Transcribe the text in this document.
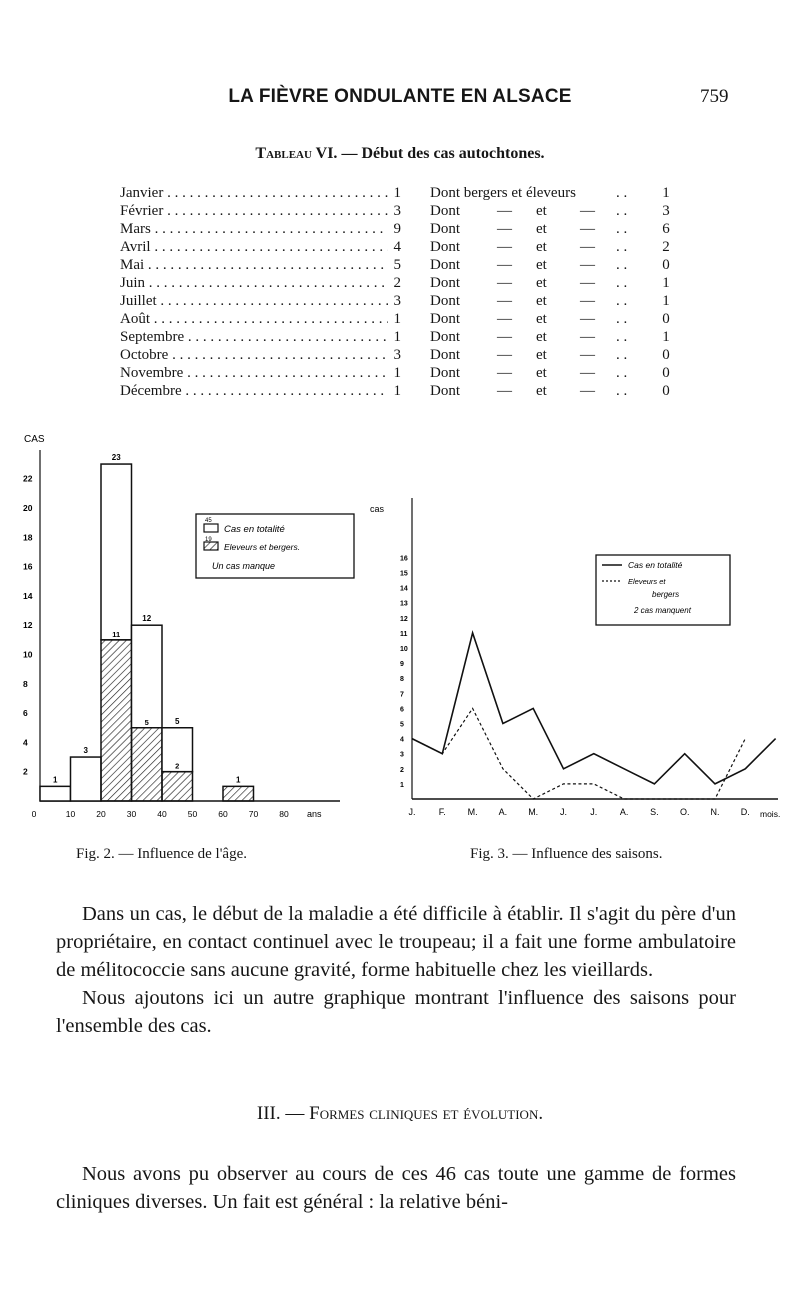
LA FIÈVRE ONDULANTE EN ALSACE	759
Tableau VI. — Début des cas autochtones.
Janvier . . .	1 Dont bergers et éleveurs	. . 1
Février . . .	3 Dont — et — . . 3
Mars . . .	9 Dont — et — . . 6
Avril . . .	4 Dont — et — . . 2
Mai . . .	5 Dont — et — . . 0
Juin . . .	2 Dont — et — . . 1
Juillet . . .	3 Dont — et — . . 1
Août . . .	1 Dont — et — . . 0
Septembre . . .	1 Dont — et — . . 1
Octobre . . .	3 Dont — et — . . 0
Novembre . . .	1 Dont — et — . . 0
Décembre . . .	1 Dont — et — . . 0
CAS
2
4
6
8
10
12
14
16
18
20
22
0	10 20 30 40 50 60 70 80 ans
1
3
23
11
12
5	5
2
1
45
Cas en totalité
19
Eleveurs et bergers.
Un cas manque
cas
1
2
3
4
5
6
7
8
9
10
11
12
13
14
15
16
J.	F. M. A. M. J.	J.	A. S. O. N. D. mois.
Cas en totalité
Eleveurs et
bergers
2 cas manquent
Fig. 2. — Influence de l'âge.	Fig. 3. — Influence des saisons.

Dans un cas, le début de la maladie a été difficile à établir. Il s'agit du père d'un propriétaire, en contact continuel avec le troupeau; il a fait une forme ambulatoire de mélitococcie sans aucune gravité, forme habituelle chez les vieillards.

Nous ajoutons ici un autre graphique montrant l'influence des saisons pour l'ensemble des cas.

III. — Formes cliniques et évolution.

Nous avons pu observer au cours de ces 46 cas toute une gamme de formes cliniques diverses. Un fait est général : la relative béni-
